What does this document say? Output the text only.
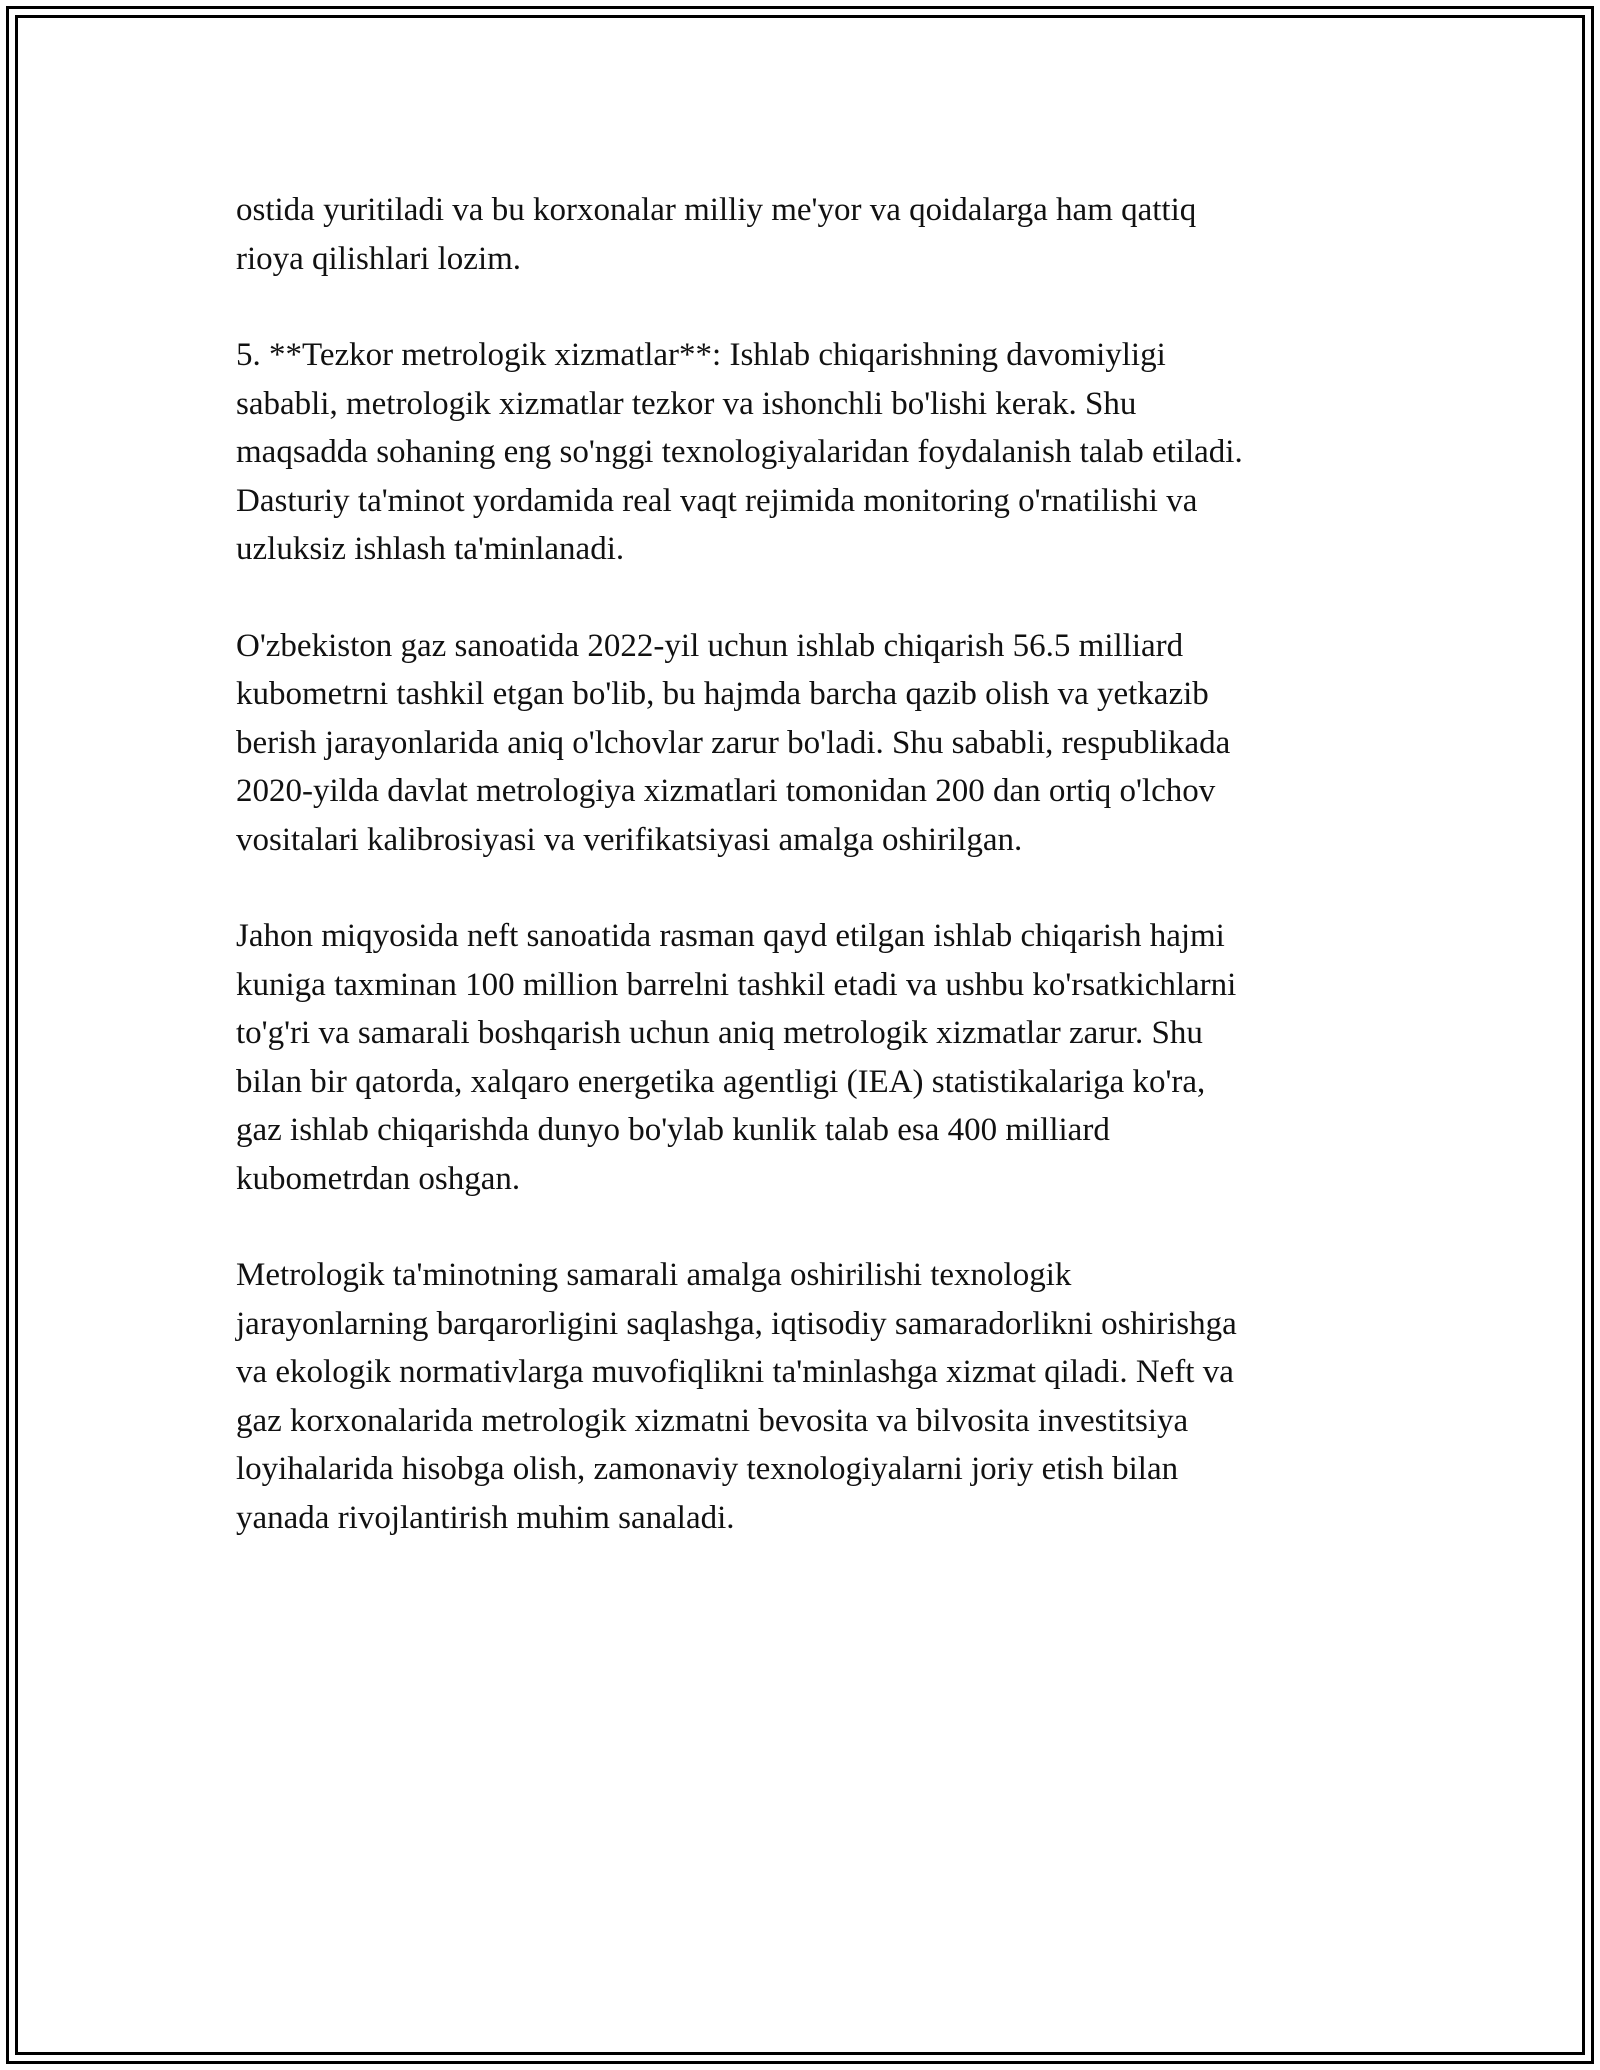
ostida yuritiladi va bu korxonalar milliy me'yor va qoidalarga ham qattiq
rioya qilishlari lozim.

5. **Tezkor metrologik xizmatlar**: Ishlab chiqarishning davomiyligi
sababli, metrologik xizmatlar tezkor va ishonchli bo'lishi kerak. Shu
maqsadda sohaning eng so'nggi texnologiyalaridan foydalanish talab etiladi.
Dasturiy ta'minot yordamida real vaqt rejimida monitoring o'rnatilishi va
uzluksiz ishlash ta'minlanadi.

O'zbekiston gaz sanoatida 2022-yil uchun ishlab chiqarish 56.5 milliard
kubometrni tashkil etgan bo'lib, bu hajmda barcha qazib olish va yetkazib
berish jarayonlarida aniq o'lchovlar zarur bo'ladi. Shu sababli, respublikada
2020-yilda davlat metrologiya xizmatlari tomonidan 200 dan ortiq o'lchov
vositalari kalibrosiyasi va verifikatsiyasi amalga oshirilgan.

Jahon miqyosida neft sanoatida rasman qayd etilgan ishlab chiqarish hajmi
kuniga taxminan 100 million barrelni tashkil etadi va ushbu ko'rsatkichlarni
to'g'ri va samarali boshqarish uchun aniq metrologik xizmatlar zarur. Shu
bilan bir qatorda, xalqaro energetika agentligi (IEA) statistikalariga ko'ra,
gaz ishlab chiqarishda dunyo bo'ylab kunlik talab esa 400 milliard
kubometrdan oshgan.

Metrologik ta'minotning samarali amalga oshirilishi texnologik
jarayonlarning barqarorligini saqlashga, iqtisodiy samaradorlikni oshirishga
va ekologik normativlarga muvofiqlikni ta'minlashga xizmat qiladi. Neft va
gaz korxonalarida metrologik xizmatni bevosita va bilvosita investitsiya
loyihalarida hisobga olish, zamonaviy texnologiyalarni joriy etish bilan
yanada rivojlantirish muhim sanaladi.
